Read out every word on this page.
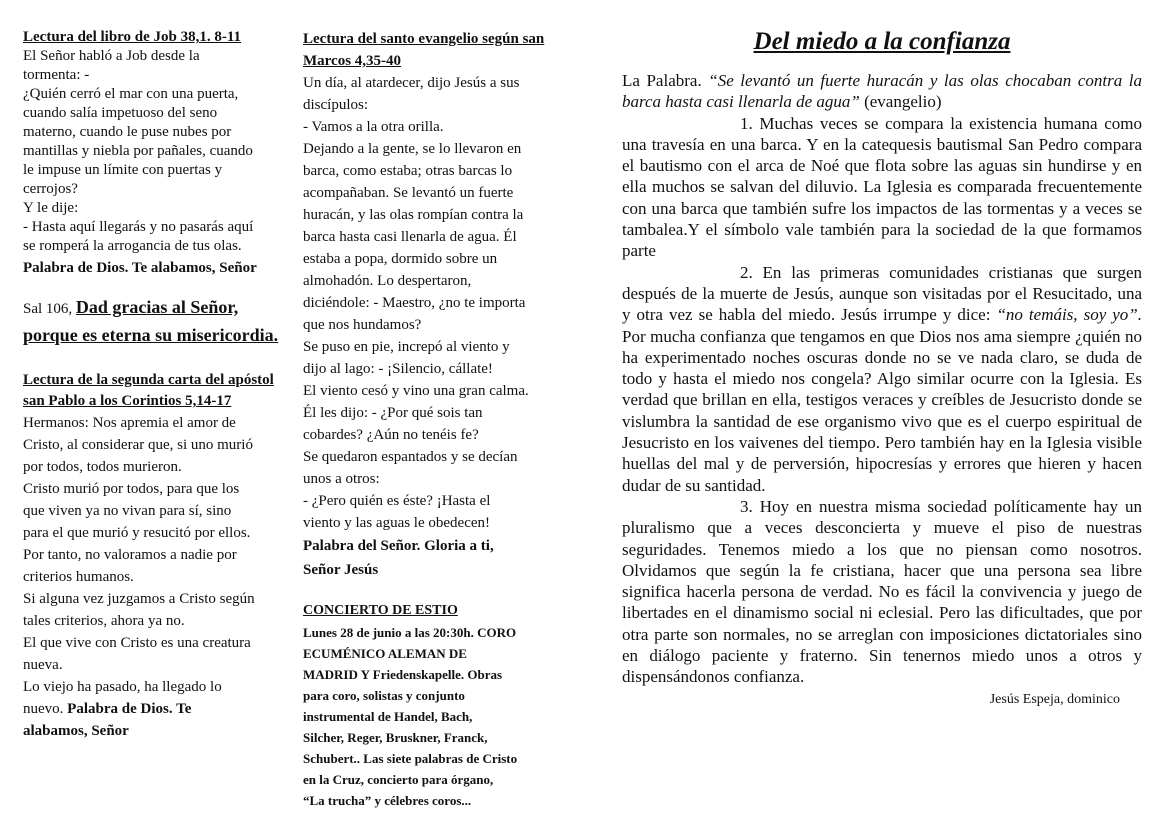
Lectura del libro de Job 38,1. 8-11
El Señor habló a Job desde la
tormenta: -
¿Quién cerró el mar con una puerta,
cuando salía impetuoso del seno
materno, cuando le puse nubes por
mantillas y niebla por pañales, cuando
le impuse un límite con puertas y
cerrojos?
Y le dije:
- Hasta aquí llegarás y no pasarás aquí
se romperá la arrogancia de tus olas.
Palabra de Dios. Te alabamos, Señor
Sal 106, Dad gracias al Señor, porque es eterna su misericordia.
Lectura de la segunda carta del apóstol san Pablo a los Corintios 5,14-17
Hermanos: Nos apremia el amor de
Cristo, al considerar que, si uno murió
por todos, todos murieron.
Cristo murió por todos, para que los
que viven ya no vivan para sí, sino
para el que murió y resucitó por ellos.
Por tanto, no valoramos a nadie por
criterios humanos.
Si alguna vez juzgamos a Cristo según
tales criterios, ahora ya no.
El que vive con Cristo es una creatura
nueva.
Lo viejo ha pasado, ha llegado lo
nuevo. Palabra de Dios. Te
alabamos, Señor
Lectura del santo evangelio según san Marcos 4,35-40
Un día, al atardecer, dijo Jesús a sus
discípulos:
- Vamos a la otra orilla.
Dejando a la gente, se lo llevaron en
barca, como estaba; otras barcas lo
acompañaban. Se levantó un fuerte
huracán, y las olas rompían contra la
barca hasta casi llenarla de agua. Él
estaba a popa, dormido sobre un
almohadón. Lo despertaron,
diciéndole: - Maestro, ¿no te importa
que nos hundamos?
Se puso en pie, increpó al viento y
dijo al lago: - ¡Silencio, cállate!
El viento cesó y vino una gran calma.
Él les dijo: - ¿Por qué sois tan
cobardes? ¿Aún no tenéis fe?
Se quedaron espantados y se decían
unos a otros:
- ¿Pero quién es éste? ¡Hasta el
viento y las aguas le obedecen!
Palabra del Señor. Gloria a ti,
Señor Jesús
CONCIERTO DE ESTIO
Lunes 28 de junio a las 20:30h. CORO
ECUMÉNICO ALEMAN DE
MADRID Y Friedenskapelle. Obras
para coro, solistas y conjunto
instrumental de Handel, Bach,
Silcher, Reger, Bruskner, Franck,
Schubert.. Las siete palabras de Cristo
en la Cruz, concierto para órgano,
“La trucha” y célebres coros...
Del miedo a la confianza

La Palabra. “Se levantó un fuerte huracán y las olas chocaban contra la barca hasta casi llenarla de agua” (evangelio)

1. Muchas veces se compara la existencia humana como una travesía en una barca. Y en la catequesis bautismal San Pedro compara el bautismo con el arca de Noé que flota sobre las aguas sin hundirse y en ella muchos se salvan del diluvio. La Iglesia es comparada frecuentemente con una barca que también sufre los impactos de las tormentas y a veces se tambalea.Y el símbolo vale también para la sociedad de la que formamos parte

2. En las primeras comunidades cristianas que surgen después de la muerte de Jesús, aunque son visitadas por el Resucitado, una y otra vez se habla del miedo. Jesús irrumpe y dice: “no temáis, soy yo”. Por mucha confianza que tengamos en que Dios nos ama siempre ¿quién no ha experimentado noches oscuras donde no se ve nada claro, se duda de todo y hasta el miedo nos congela? Algo similar ocurre con la Iglesia. Es verdad que brillan en ella, testigos veraces y creíbles de Jesucristo donde se vislumbra la santidad de ese organismo vivo que es el cuerpo espiritual de Jesucristo en los vaivenes del tiempo. Pero también hay en la Iglesia visible huellas del mal y de perversión, hipocresías y errores que hieren y hacen dudar de su santidad.

3. Hoy en nuestra misma sociedad políticamente hay un pluralismo que a veces desconcierta y mueve el piso de nuestras seguridades. Tenemos miedo a los que no piensan como nosotros. Olvidamos que según la fe cristiana, hacer que una persona sea libre significa hacerla persona de verdad. No es fácil la convivencia y juego de libertades en el dinamismo social ni eclesial. Pero las dificultades, que por otra parte son normales, no se arreglan con imposiciones dictatoriales sino en diálogo paciente y fraterno. Sin tenernos miedo unos a otros y dispensándonos confianza.

Jesús Espeja, dominico
